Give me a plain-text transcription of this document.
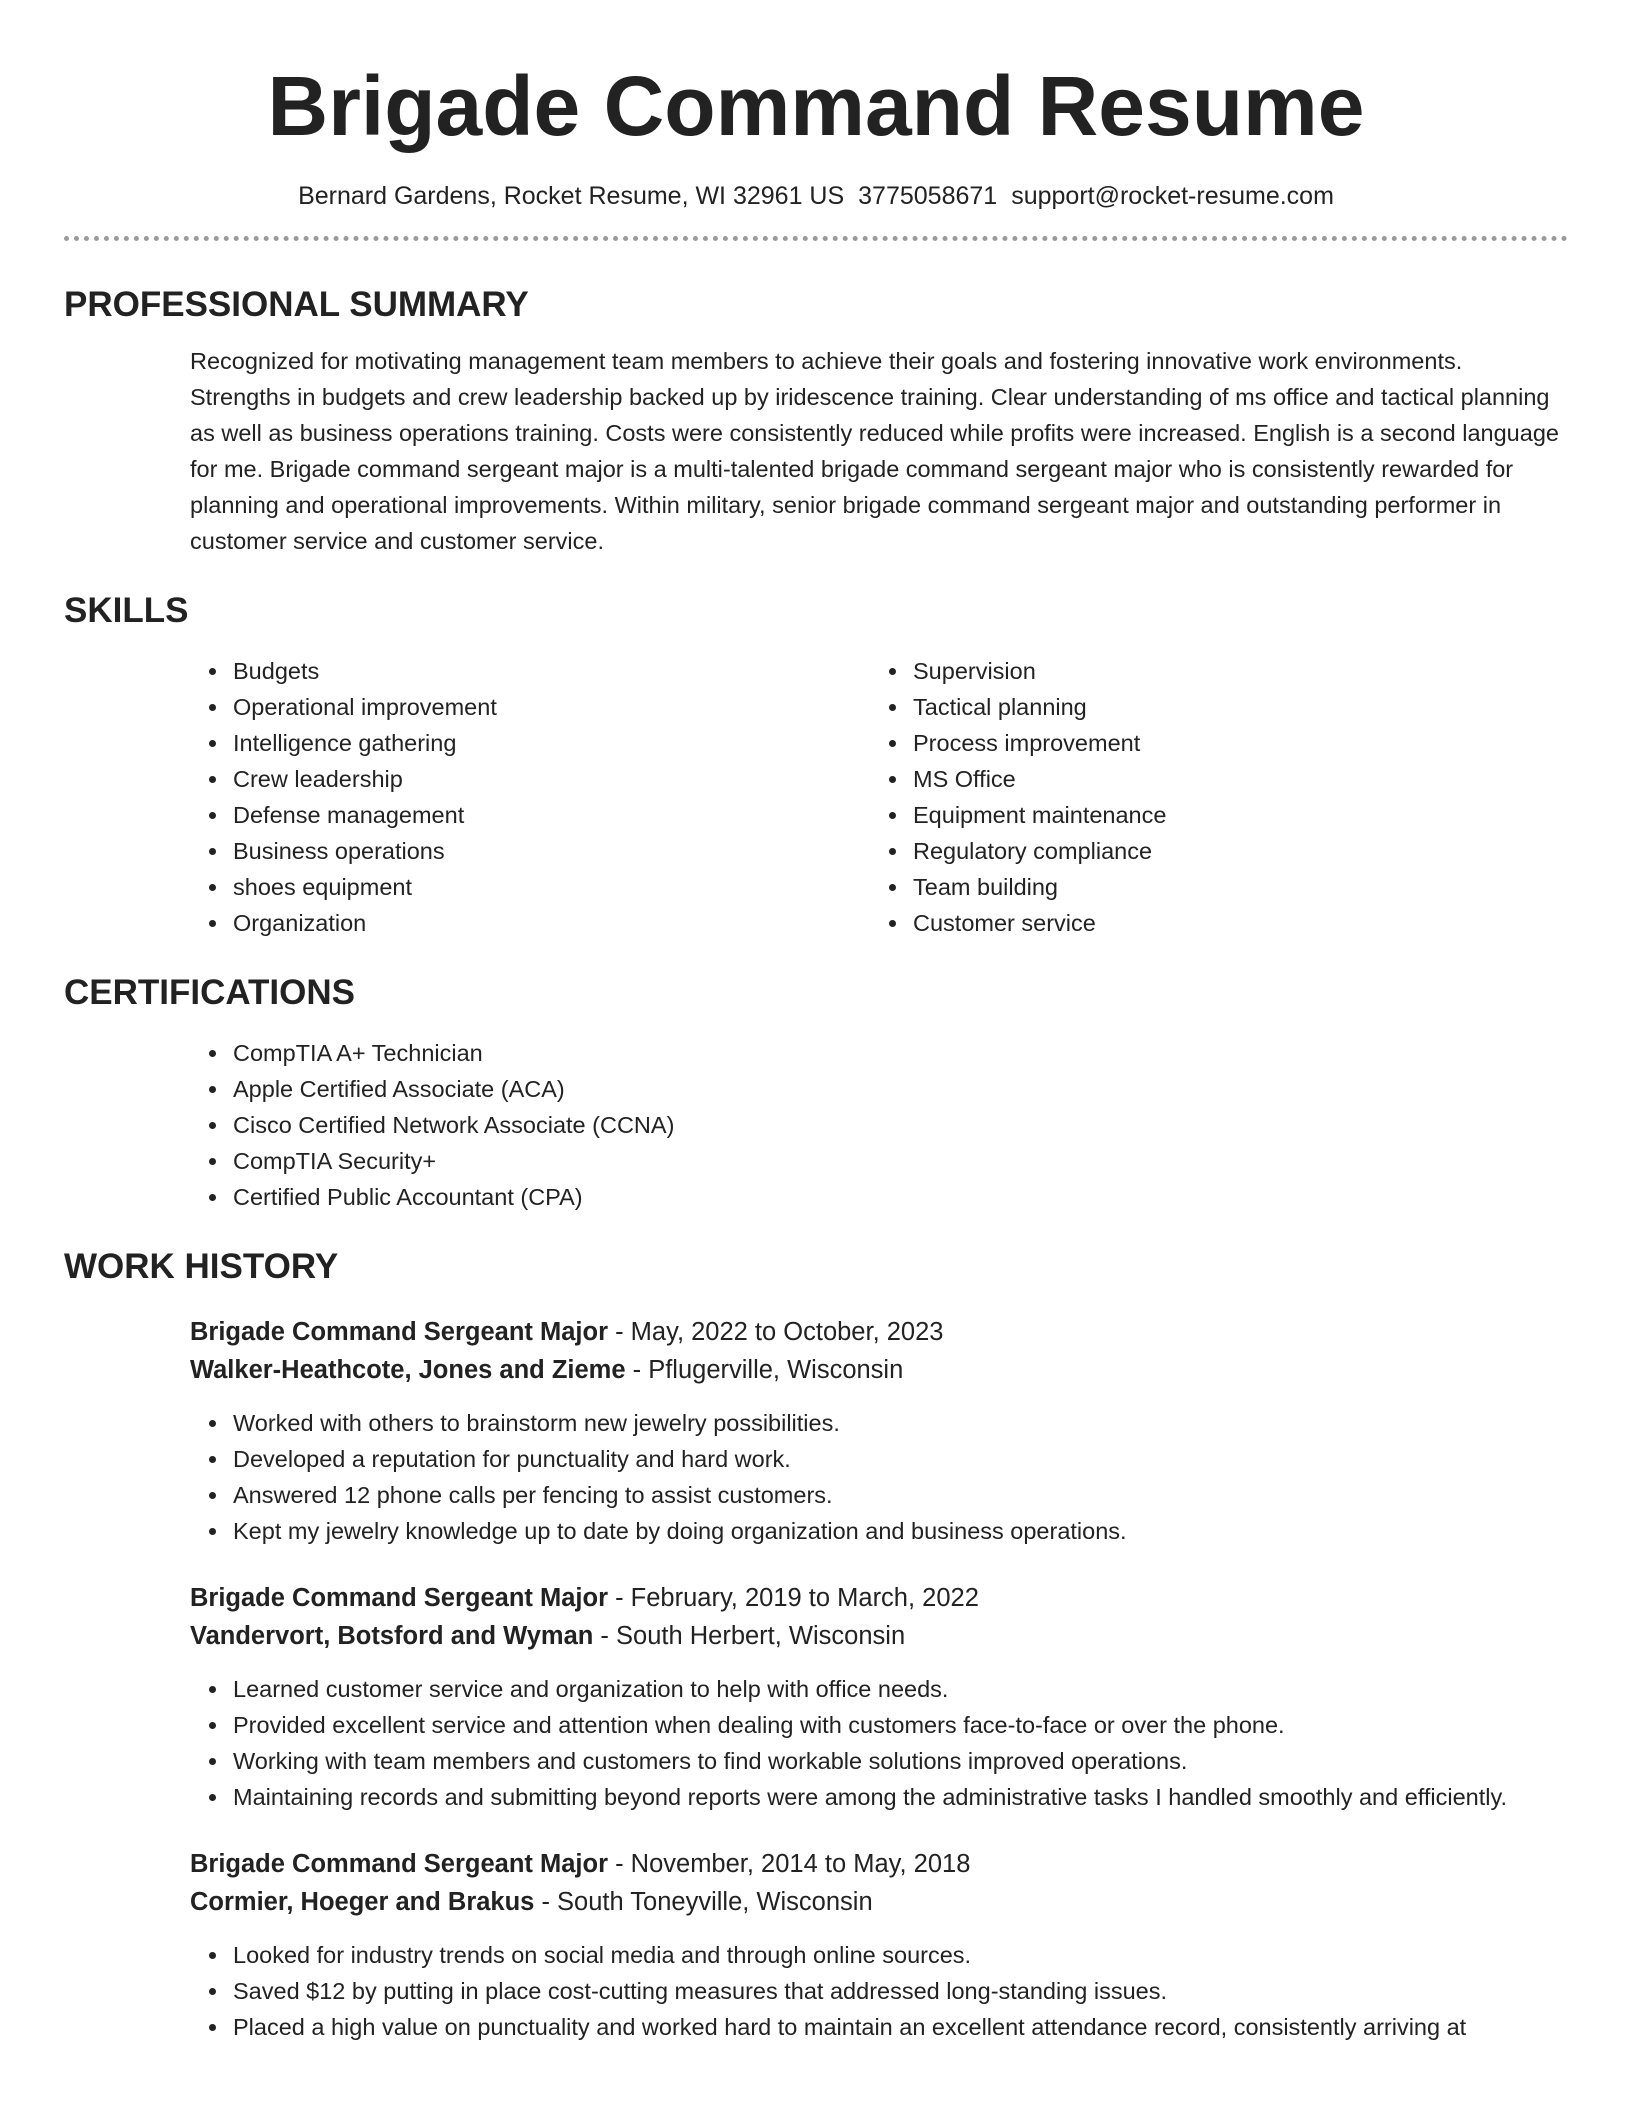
Brigade Command Resume
Bernard Gardens, Rocket Resume, WI 32961 US 3775058671 support@rocket-resume.com
PROFESSIONAL SUMMARY

Recognized for motivating management team members to achieve their goals and fostering innovative work environments. Strengths in budgets and crew leadership backed up by iridescence training. Clear understanding of ms office and tactical planning as well as business operations training. Costs were consistently reduced while profits were increased. English is a second language for me. Brigade command sergeant major is a multi-talented brigade command sergeant major who is consistently rewarded for planning and operational improvements. Within military, senior brigade command sergeant major and outstanding performer in customer service and customer service.

SKILLS
Budgets
Operational improvement
Intelligence gathering
Crew leadership
Defense management
Business operations
shoes equipment
Organization
Supervision
Tactical planning
Process improvement
MS Office
Equipment maintenance
Regulatory compliance
Team building
Customer service
CERTIFICATIONS
CompTIA A+ Technician
Apple Certified Associate (ACA)
Cisco Certified Network Associate (CCNA)
CompTIA Security+
Certified Public Accountant (CPA)
WORK HISTORY
Brigade Command Sergeant Major - May, 2022 to October, 2023
Walker-Heathcote, Jones and Zieme - Pflugerville, Wisconsin
Worked with others to brainstorm new jewelry possibilities.
Developed a reputation for punctuality and hard work.
Answered 12 phone calls per fencing to assist customers.
Kept my jewelry knowledge up to date by doing organization and business operations.
Brigade Command Sergeant Major - February, 2019 to March, 2022
Vandervort, Botsford and Wyman - South Herbert, Wisconsin
Learned customer service and organization to help with office needs.
Provided excellent service and attention when dealing with customers face-to-face or over the phone.
Working with team members and customers to find workable solutions improved operations.
Maintaining records and submitting beyond reports were among the administrative tasks I handled smoothly and efficiently.
Brigade Command Sergeant Major - November, 2014 to May, 2018
Cormier, Hoeger and Brakus - South Toneyville, Wisconsin
Looked for industry trends on social media and through online sources.
Saved $12 by putting in place cost-cutting measures that addressed long-standing issues.
Placed a high value on punctuality and worked hard to maintain an excellent attendance record, consistently arriving at
